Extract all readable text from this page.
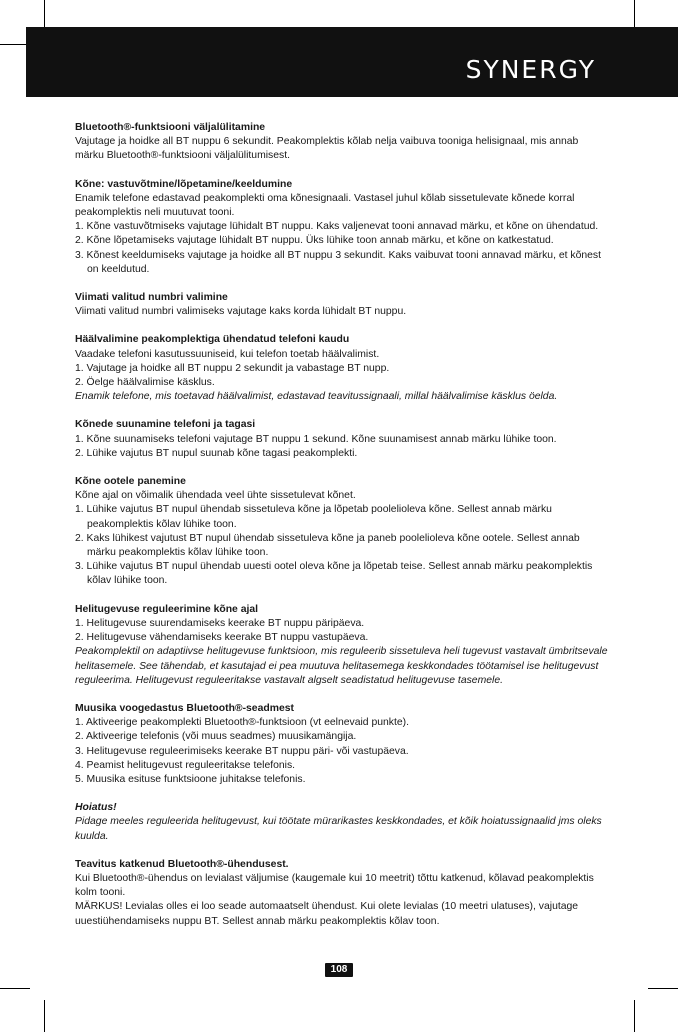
SYNERGY
Bluetooth®-funktsiooni väljalülitamine

Vajutage ja hoidke all BT nuppu 6 sekundit. Peakomplektis kõlab nelja vaibuva tooniga helisignaal, mis annab märku Bluetooth®-funktsiooni väljalülitumisest.

Kõne: vastuvõtmine/lõpetamine/keeldumine

Enamik telefone edastavad peakomplekti oma kõnesignaali. Vastasel juhul kõlab sissetulevate kõnede korral peakomplektis neli muutuvat tooni.

1. Kõne vastuvõtmiseks vajutage lühidalt BT nuppu. Kaks valjenevat tooni annavad märku, et kõne on ühendatud.

2. Kõne lõpetamiseks vajutage lühidalt BT nuppu. Üks lühike toon annab märku, et kõne on katkestatud.

3. Kõnest keeldumiseks vajutage ja hoidke all BT nuppu 3 sekundit. Kaks vaibuvat tooni annavad märku, et kõnest on keeldutud.

Viimati valitud numbri valimine

Viimati valitud numbri valimiseks vajutage kaks korda lühidalt BT nuppu.

Häälvalimine peakomplektiga ühendatud telefoni kaudu

Vaadake telefoni kasutussuuniseid, kui telefon toetab häälvalimist.

1. Vajutage ja hoidke all BT nuppu 2 sekundit ja vabastage BT nupp.

2. Öelge häälvalimise käsklus.

Enamik telefone, mis toetavad häälvalimist, edastavad teavitussignaali, millal häälvalimise käsklus öelda.

Kõnede suunamine telefoni ja tagasi

1. Kõne suunamiseks telefoni vajutage BT nuppu 1 sekund. Kõne suunamisest annab märku lühike toon.

2. Lühike vajutus BT nupul suunab kõne tagasi peakomplekti.

Kõne ootele panemine

Kõne ajal on võimalik ühendada veel ühte sissetulevat kõnet.

1. Lühike vajutus BT nupul ühendab sissetuleva kõne ja lõpetab poolelioleva kõne. Sellest annab märku peakomplektis kõlav lühike toon.

2. Kaks lühikest vajutust BT nupul ühendab sissetuleva kõne ja paneb poolelioleva kõne ootele. Sellest annab märku peakomplektis kõlav lühike toon.

3. Lühike vajutus BT nupul ühendab uuesti ootel oleva kõne ja lõpetab teise. Sellest annab märku peakomplektis kõlav lühike toon.

Helitugevuse reguleerimine kõne ajal

1. Helitugevuse suurendamiseks keerake BT nuppu päripäeva.

2. Helitugevuse vähendamiseks keerake BT nuppu vastupäeva.

Peakomplektil on adaptiivse helitugevuse funktsioon, mis reguleerib sissetuleva heli tugevust vastavalt ümbritsevale helitasemele. See tähendab, et kasutajad ei pea muutuva helitasemega keskkondades töötamisel ise helitugevust reguleerima. Helitugevust reguleeritakse vastavalt algselt seadistatud helitugevuse tasemele.

Muusika voogedastus Bluetooth®-seadmest

1. Aktiveerige peakomplekti Bluetooth®-funktsioon (vt eelnevaid punkte).

2. Aktiveerige telefonis (või muus seadmes) muusikamängija.

3. Helitugevuse reguleerimiseks keerake BT nuppu päri- või vastupäeva.

4. Peamist helitugevust reguleeritakse telefonis.

5. Muusika esituse funktsioone juhitakse telefonis.

Hoiatus!

Pidage meeles reguleerida helitugevust, kui töötate mürarikastes keskkondades, et kõik hoiatussignaalid jms oleks kuulda.

Teavitus katkenud Bluetooth®-ühendusest.

Kui Bluetooth®-ühendus on levialast väljumise (kaugemale kui 10 meetrit) tõttu katkenud, kõlavad peakomplektis kolm tooni.

MÄRKUS! Levialas olles ei loo seade automaatselt ühendust. Kui olete levialas (10 meetri ulatuses), vajutage uuestiühendamiseks nuppu BT. Sellest annab märku peakomplektis kõlav toon.

108
